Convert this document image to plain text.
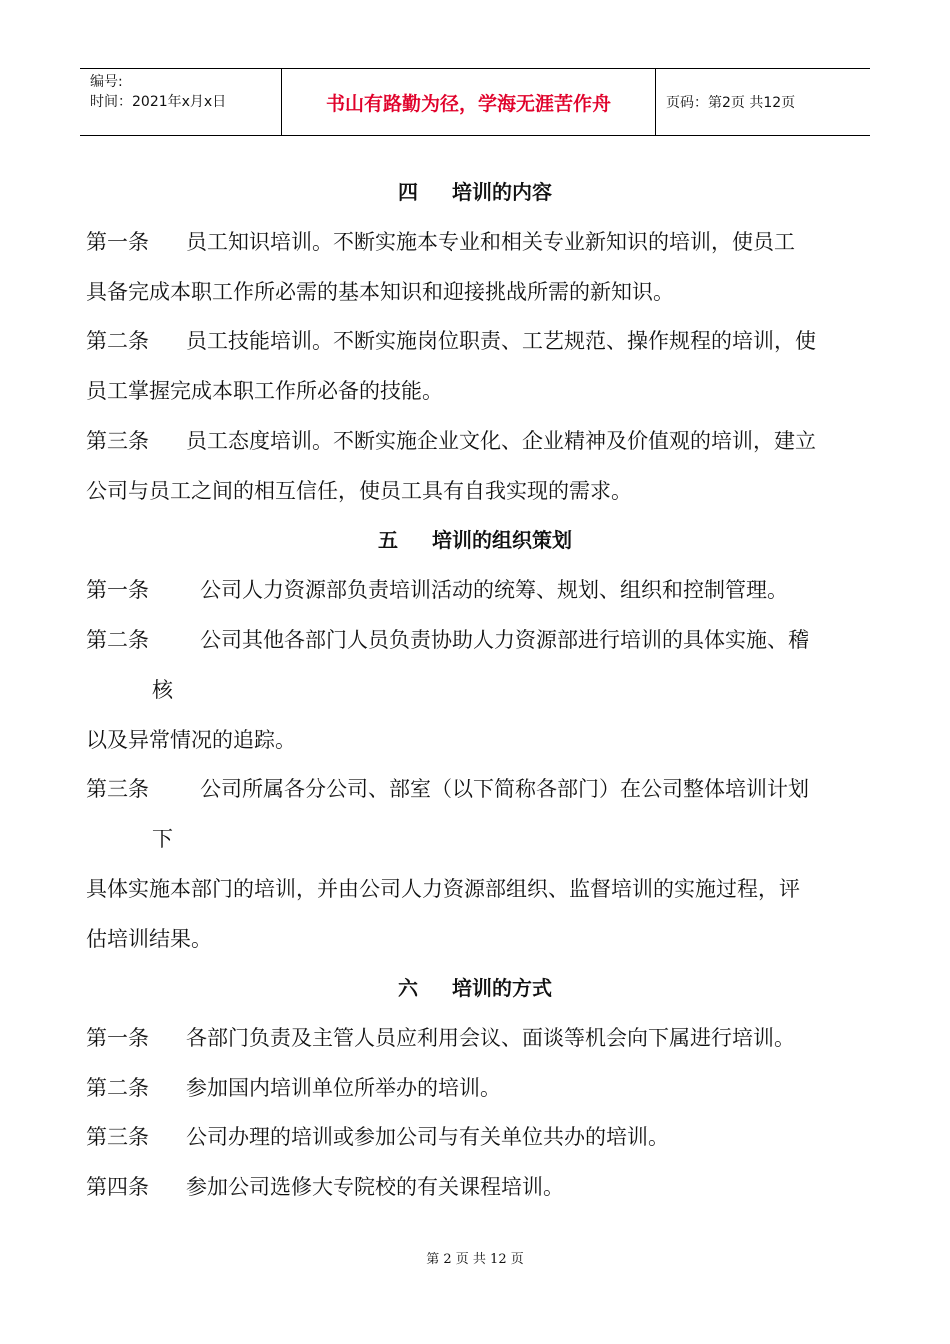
编号:
时间：2021年x月x日	书山有路勤为径，学海无涯苦作舟	页码：第2页 共12页
四 培训的内容
第一条 员工知识培训。不断实施本专业和相关专业新知识的培训，使员工
具备完成本职工作所必需的基本知识和迎接挑战所需的新知识。
第二条 员工技能培训。不断实施岗位职责、工艺规范、操作规程的培训，使
员工掌握完成本职工作所必备的技能。
第三条 员工态度培训。不断实施企业文化、企业精神及价值观的培训，建立
公司与员工之间的相互信任，使员工具有自我实现的需求。
五 培训的组织策划
第一条 公司人力资源部负责培训活动的统筹、规划、组织和控制管理。
第二条 公司其他各部门人员负责协助人力资源部进行培训的具体实施、稽
核
以及异常情况的追踪。
第三条 公司所属各分公司、部室（以下简称各部门）在公司整体培训计划
下
具体实施本部门的培训，并由公司人力资源部组织、监督培训的实施过程，评
估培训结果。
六 培训的方式
第一条 各部门负责及主管人员应利用会议、面谈等机会向下属进行培训。
第二条 参加国内培训单位所举办的培训。
第三条 公司办理的培训或参加公司与有关单位共办的培训。
第四条 参加公司选修大专院校的有关课程培训。
第 2 页 共 12 页
